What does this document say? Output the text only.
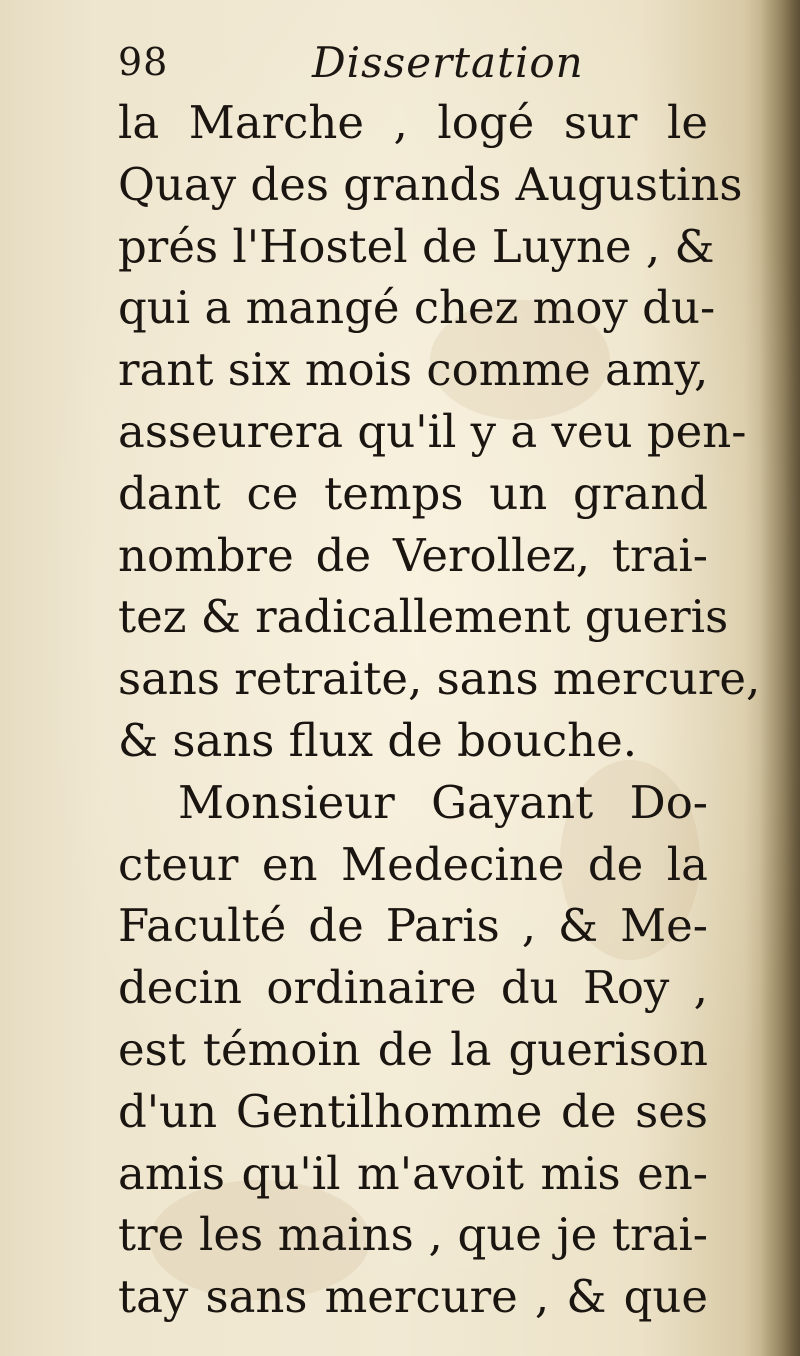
98	Dissertation
la Marche , logé sur le
Quay des grands Augustins
prés l'Hostel de Luyne , &
qui a mangé chez moy du-
rant six mois comme amy,
asseurera qu'il y a veu pen-
dant ce temps un grand
nombre de Verollez, trai-
tez & radicallement gueris
sans retraite, sans mercure,
& sans flux de bouche.
Monsieur Gayant Do-
cteur en Medecine de la
Faculté de Paris , & Me-
decin ordinaire du Roy ,
est témoin de la guerison
d'un Gentilhomme de ses
amis qu'il m'avoit mis en-
tre les mains , que je trai-
tay sans mercure , & que
